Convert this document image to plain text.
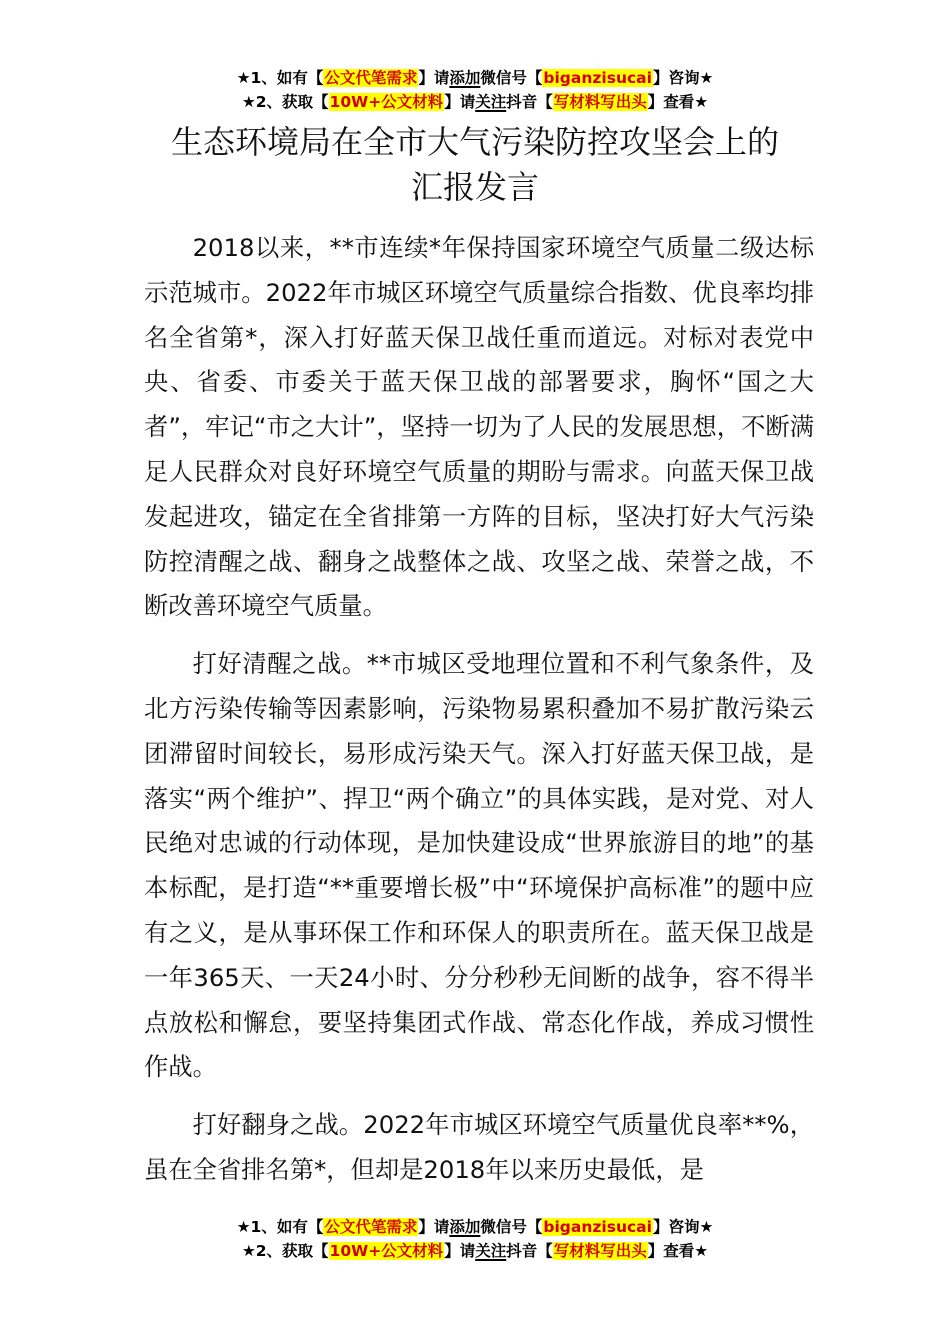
★1、如有【公文代笔需求】请添加微信号【biganzisucai】咨询★
★2、获取【10W+公文材料】请关注抖音【写材料写出头】查看★
生态环境局在全市大气污染防控攻坚会上的
汇报发言

2018以来，**市连续*年保持国家环境空气质量二级达标示范城市。2022年市城区环境空气质量综合指数、优良率均排名全省第*，深入打好蓝天保卫战任重而道远。对标对表党中央、省委、市委关于蓝天保卫战的部署要求，胸怀“国之大者”，牢记“市之大计”，坚持一切为了人民的发展思想，不断满足人民群众对良好环境空气质量的期盼与需求。向蓝天保卫战发起进攻，锚定在全省排第一方阵的目标，坚决打好大气污染防控清醒之战、翻身之战整体之战、攻坚之战、荣誉之战，不断改善环境空气质量。

打好清醒之战。**市城区受地理位置和不利气象条件，及北方污染传输等因素影响，污染物易累积叠加不易扩散污染云团滞留时间较长，易形成污染天气。深入打好蓝天保卫战，是落实“两个维护”、捍卫“两个确立”的具体实践，是对党、对人民绝对忠诚的行动体现，是加快建设成“世界旅游目的地”的基本标配，是打造“**重要增长极”中“环境保护高标准”的题中应有之义，是从事环保工作和环保人的职责所在。蓝天保卫战是一年365天、一天24小时、分分秒秒无间断的战争，容不得半点放松和懈怠，要坚持集团式作战、常态化作战，养成习惯性作战。

打好翻身之战。2022年市城区环境空气质量优良率**%，虽在全省排名第*，但却是2018年以来历史最低，是

★1、如有【公文代笔需求】请添加微信号【biganzisucai】咨询★
★2、获取【10W+公文材料】请关注抖音【写材料写出头】查看★
